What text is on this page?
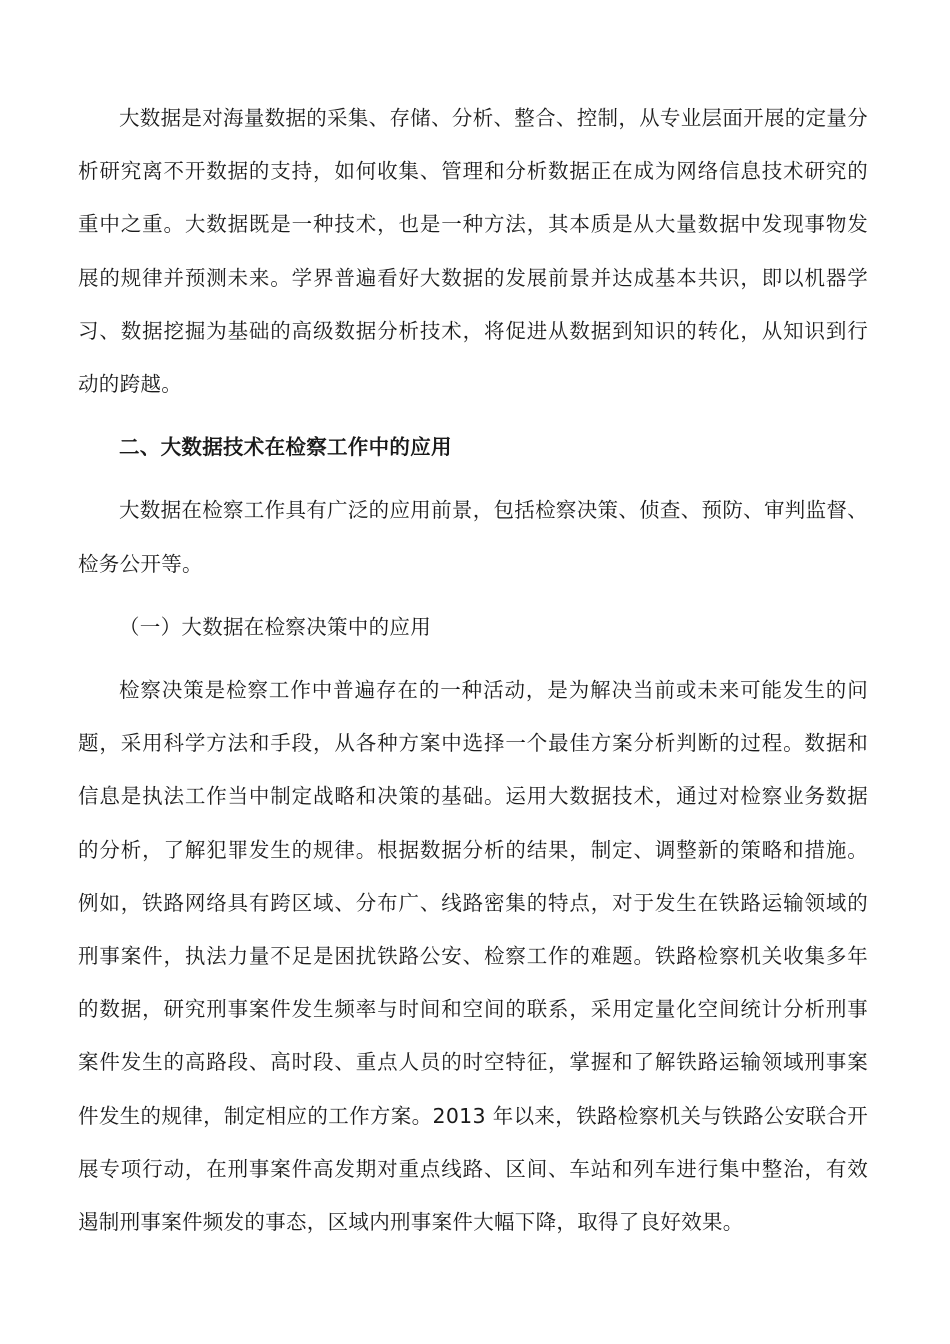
大数据是对海量数据的采集、存储、分析、整合、控制，从专业层面开展的定量分析研究离不开数据的支持，如何收集、管理和分析数据正在成为网络信息技术研究的重中之重。大数据既是一种技术，也是一种方法，其本质是从大量数据中发现事物发展的规律并预测未来。学界普遍看好大数据的发展前景并达成基本共识，即以机器学习、数据挖掘为基础的高级数据分析技术，将促进从数据到知识的转化，从知识到行动的跨越。

二、大数据技术在检察工作中的应用

大数据在检察工作具有广泛的应用前景，包括检察决策、侦查、预防、审判监督、检务公开等。

（一）大数据在检察决策中的应用

检察决策是检察工作中普遍存在的一种活动，是为解决当前或未来可能发生的问题，采用科学方法和手段，从各种方案中选择一个最佳方案分析判断的过程。数据和信息是执法工作当中制定战略和决策的基础。运用大数据技术，通过对检察业务数据的分析，了解犯罪发生的规律。根据数据分析的结果，制定、调整新的策略和措施。例如，铁路网络具有跨区域、分布广、线路密集的特点，对于发生在铁路运输领域的刑事案件，执法力量不足是困扰铁路公安、检察工作的难题。铁路检察机关收集多年的数据，研究刑事案件发生频率与时间和空间的联系，采用定量化空间统计分析刑事案件发生的高路段、高时段、重点人员的时空特征，掌握和了解铁路运输领域刑事案件发生的规律，制定相应的工作方案。2013 年以来，铁路检察机关与铁路公安联合开展专项行动，在刑事案件高发期对重点线路、区间、车站和列车进行集中整治，有效遏制刑事案件频发的事态，区域内刑事案件大幅下降，取得了良好效果。
